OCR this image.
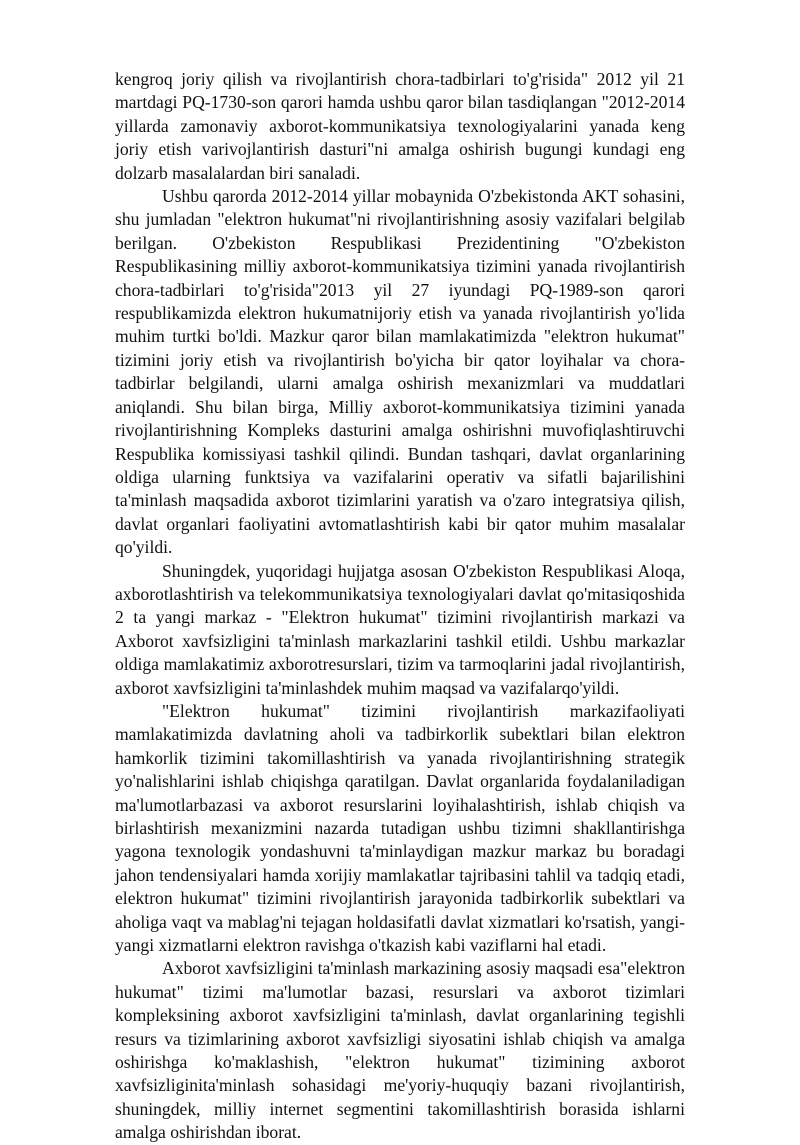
kengroq joriy qilish va rivojlantirish chora-tadbirlari to'g'risida" 2012 yil 21 martdagi PQ-1730-son qarori hamda ushbu qaror bilan tasdiqlangan "2012-2014 yillarda zamonaviy axborot-kommunikatsiya texnologiyalarini yanada keng joriy etish varivojlantirish dasturi"ni amalga oshirish bugungi kundagi eng dolzarb masalalardan biri sanaladi.

Ushbu qarorda 2012-2014 yillar mobaynida O'zbekistonda AKT sohasini, shu jumladan "elektron hukumat"ni rivojlantirishning asosiy vazifalari belgilab berilgan. O'zbekiston Respublikasi Prezidentining "O'zbekiston Respublikasining milliy axborot-kommunikatsiya tizimini yanada rivojlantirish chora-tadbirlari to'g'risida"2013 yil 27 iyundagi PQ-1989-son qarori respublikamizda elektron hukumatnijoriy etish va yanada rivojlantirish yo'lida muhim turtki bo'ldi. Mazkur qaror bilan mamlakatimizda "elektron hukumat" tizimini joriy etish va rivojlantirish bo'yicha bir qator loyihalar va chora-tadbirlar belgilandi, ularni amalga oshirish mexanizmlari va muddatlari aniqlandi. Shu bilan birga, Milliy axborot-kommunikatsiya tizimini yanada rivojlantirishning Kompleks dasturini amalga oshirishni muvofiqlashtiruvchi Respublika komissiyasi tashkil qilindi. Bundan tashqari, davlat organlarining oldiga ularning funktsiya va vazifalarini operativ va sifatli bajarilishini ta'minlash maqsadida axborot tizimlarini yaratish va o'zaro integratsiya qilish, davlat organlari faoliyatini avtomatlashtirish kabi bir qator muhim masalalar qo'yildi.

Shuningdek, yuqoridagi hujjatga asosan O'zbekiston Respublikasi Aloqa, axborotlashtirish va telekommunikatsiya texnologiyalari davlat qo'mitasiqoshida 2 ta yangi markaz - "Elektron hukumat" tizimini rivojlantirish markazi va Axborot xavfsizligini ta'minlash markazlarini tashkil etildi. Ushbu markazlar oldiga mamlakatimiz axborotresurslari, tizim va tarmoqlarini jadal rivojlantirish, axborot xavfsizligini ta'minlashdek muhim maqsad va vazifalarqo'yildi.

"Elektron hukumat" tizimini rivojlantirish markazifaoliyati mamlakatimizda davlatning aholi va tadbirkorlik subektlari bilan elektron hamkorlik tizimini takomillashtirish va yanada rivojlantirishning strategik yo'nalishlarini ishlab chiqishga qaratilgan. Davlat organlarida foydalaniladigan ma'lumotlarbazasi va axborot resurslarini loyihalashtirish, ishlab chiqish va birlashtirish mexanizmini nazarda tutadigan ushbu tizimni shakllantirishga yagona texnologik yondashuvni ta'minlaydigan mazkur markaz bu boradagi jahon tendensiyalari hamda xorijiy mamlakatlar tajribasini tahlil va tadqiq etadi, elektron hukumat" tizimini rivojlantirish jarayonida tadbirkorlik subektlari va aholiga vaqt va mablag'ni tejagan holdasifatli davlat xizmatlari ko'rsatish, yangi-yangi xizmatlarni elektron ravishga o'tkazish kabi vaziflarni hal etadi.

Axborot xavfsizligini ta'minlash markazining asosiy maqsadi esa"elektron hukumat" tizimi ma'lumotlar bazasi, resurslari va axborot tizimlari kompleksining axborot xavfsizligini ta'minlash, davlat organlarining tegishli resurs va tizimlarining axborot xavfsizligi siyosatini ishlab chiqish va amalga oshirishga ko'maklashish, "elektron hukumat" tizimining axborot xavfsizliginita'minlash sohasidagi me'yoriy-huquqiy bazani rivojlantirish, shuningdek, milliy internet segmentini takomillashtirish borasida ishlarni amalga oshirishdan iborat.
